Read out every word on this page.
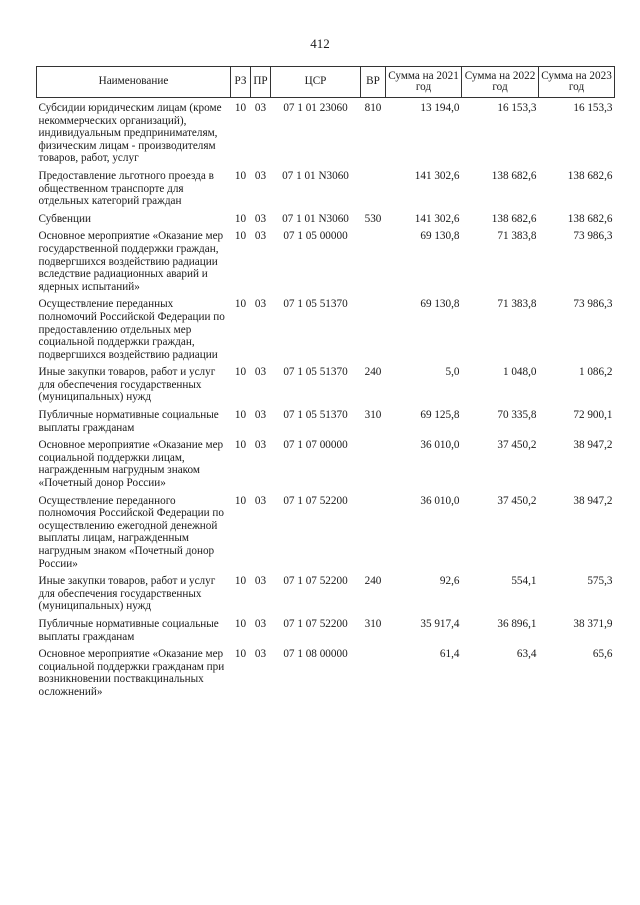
412
Наименование	РЗ	ПР	ЦСР	ВР	Сумма на 2021 год	Сумма на 2022 год	Сумма на 2023 год
Субсидии юридическим лицам (кроме некоммерческих организаций), индивидуальным предпринимателям, физическим лицам - производителям товаров, работ, услуг	10	03	07 1 01 23060	810	13 194,0	16 153,3	16 153,3
Предоставление льготного проезда в общественном транспорте для отдельных категорий граждан	10	03	07 1 01 N3060		141 302,6	138 682,6	138 682,6
Субвенции	10	03	07 1 01 N3060	530	141 302,6	138 682,6	138 682,6
Основное мероприятие «Оказание мер государственной поддержки граждан, подвергшихся воздействию радиации вследствие радиационных аварий и ядерных испытаний»	10	03	07 1 05 00000		69 130,8	71 383,8	73 986,3
Осуществление переданных полномочий Российской Федерации по предоставлению отдельных мер социальной поддержки граждан, подвергшихся воздействию радиации	10	03	07 1 05 51370		69 130,8	71 383,8	73 986,3
Иные закупки товаров, работ и услуг для обеспечения государственных (муниципальных) нужд	10	03	07 1 05 51370	240	5,0	1 048,0	1 086,2
Публичные нормативные социальные выплаты гражданам	10	03	07 1 05 51370	310	69 125,8	70 335,8	72 900,1
Основное мероприятие «Оказание мер социальной поддержки лицам, награжденным нагрудным знаком «Почетный донор России»	10	03	07 1 07 00000		36 010,0	37 450,2	38 947,2
Осуществление переданного полномочия Российской Федерации по осуществлению ежегодной денежной выплаты лицам, награжденным нагрудным знаком «Почетный донор России»	10	03	07 1 07 52200		36 010,0	37 450,2	38 947,2
Иные закупки товаров, работ и услуг для обеспечения государственных (муниципальных) нужд	10	03	07 1 07 52200	240	92,6	554,1	575,3
Публичные нормативные социальные выплаты гражданам	10	03	07 1 07 52200	310	35 917,4	36 896,1	38 371,9
Основное мероприятие «Оказание мер социальной поддержки гражданам при возникновении поствакцинальных осложнений»	10	03	07 1 08 00000		61,4	63,4	65,6
